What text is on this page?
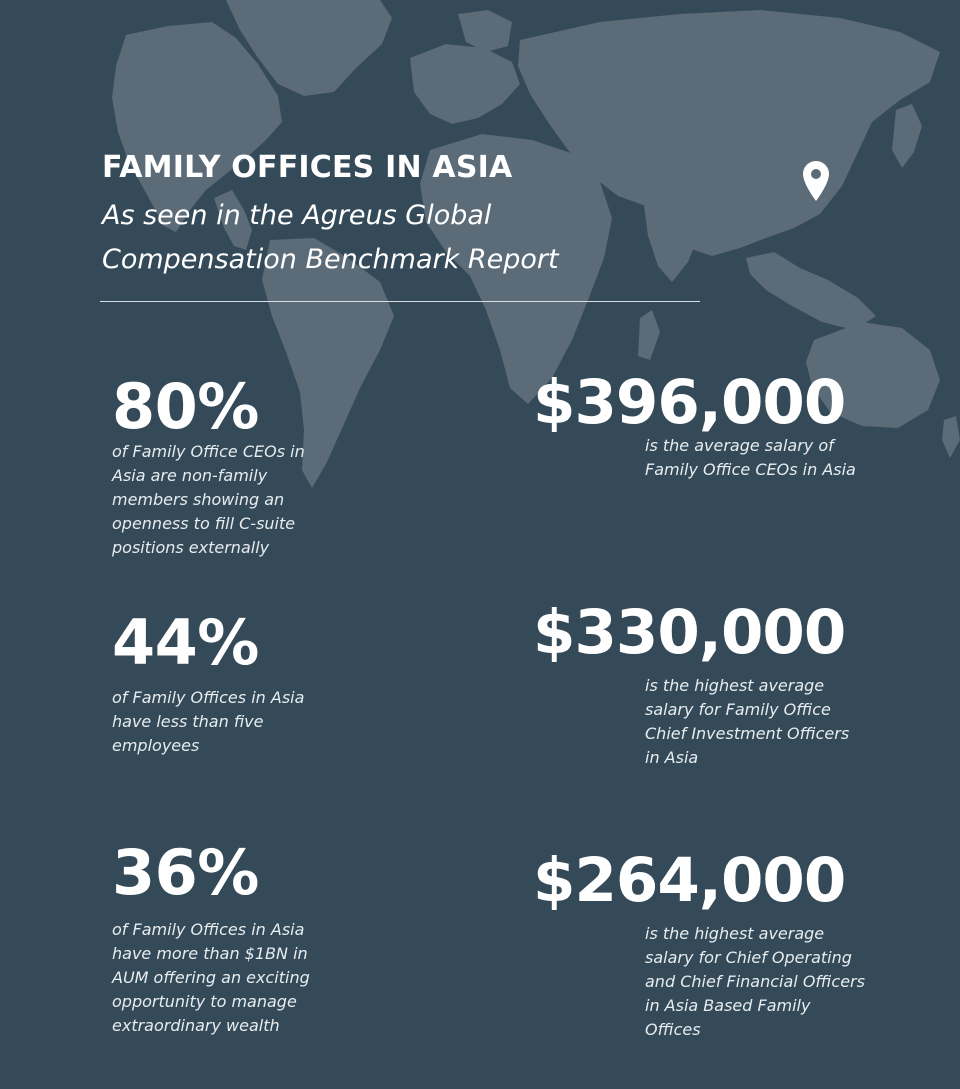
FAMILY OFFICES IN ASIA

As seen in the Agreus Global Compensation Benchmark Report

80%
of Family Office CEOs in Asia are non-family members showing an openness to fill C-suite positions externally
44%
of Family Offices in Asia have less than five employees
36%
of Family Offices in Asia have more than $1BN in AUM offering an exciting opportunity to manage extraordinary wealth
$396,000
is the average salary of Family Office CEOs in Asia
$330,000
is the highest average salary for Family Office Chief Investment Officers in Asia
$264,000
is the highest average salary for Chief Operating and Chief Financial Officers in Asia Based Family Offices
